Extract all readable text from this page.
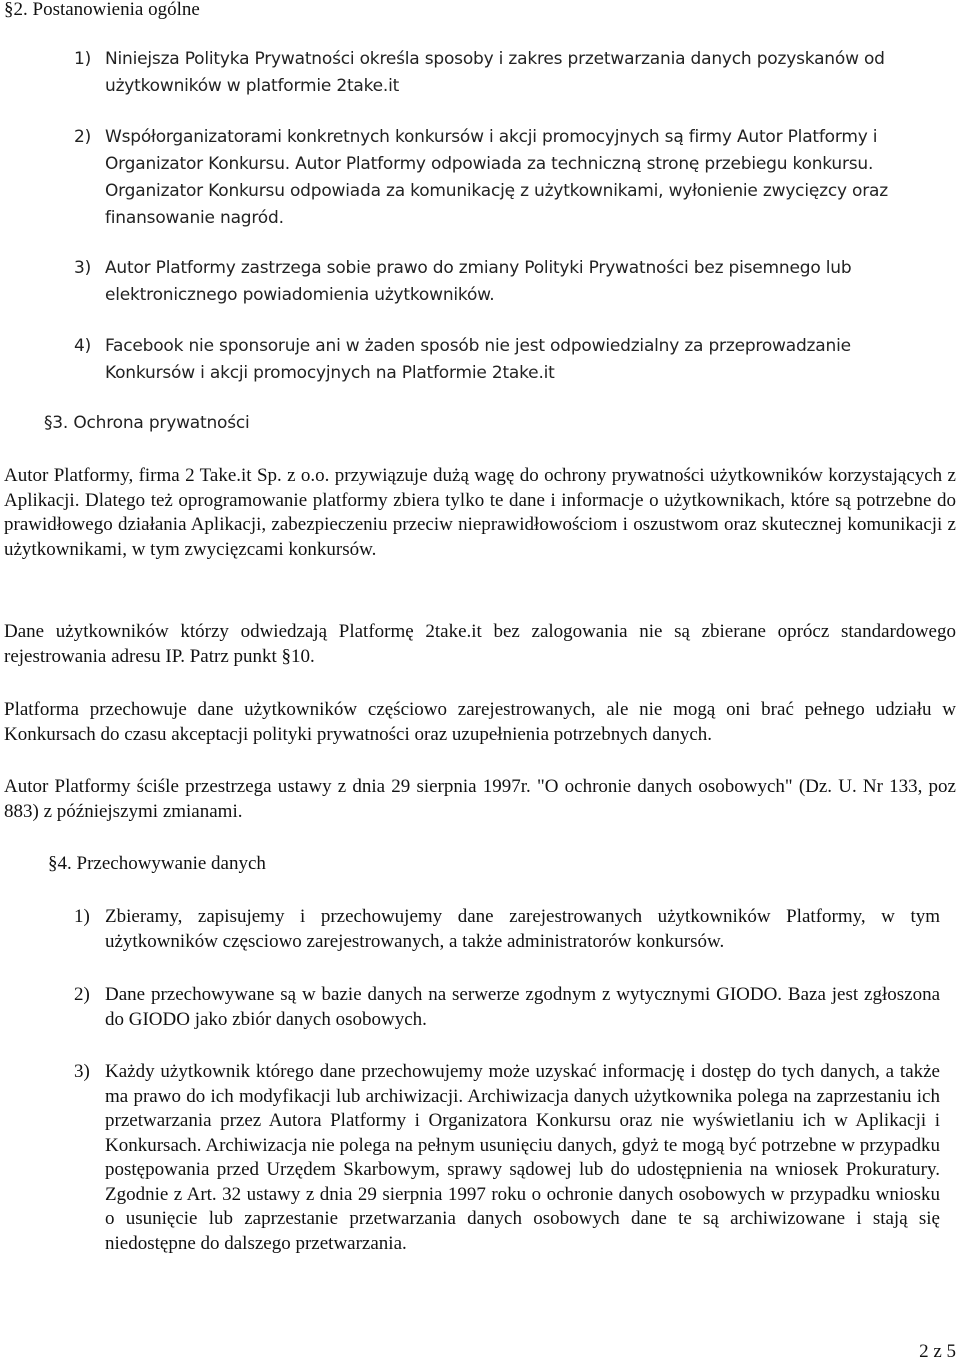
§2. Postanowienia ogólne
1) Niniejsza Polityka Prywatności określa sposoby i zakres przetwarzania danych pozyskanów od użytkowników w platformie 2take.it
2) Współorganizatorami konkretnych konkursów i akcji promocyjnych są firmy Autor Platformy i Organizator Konkursu. Autor Platformy odpowiada za techniczną stronę przebiegu konkursu. Organizator Konkursu odpowiada za komunikację z użytkownikami, wyłonienie zwycięzcy oraz finansowanie nagród.
3) Autor Platformy zastrzega sobie prawo do zmiany Polityki Prywatności bez pisemnego lub elektronicznego powiadomienia użytkowników.
4) Facebook nie sponsoruje ani w żaden sposób nie jest odpowiedzialny za przeprowadzanie Konkursów i akcji promocyjnych na Platformie 2take.it
§3. Ochrona prywatności

Autor Platformy, firma 2 Take.it Sp. z o.o. przywiązuje dużą wagę do ochrony prywatności użytkowników korzystających z Aplikacji. Dlatego też oprogramowanie platformy zbiera tylko te dane i informacje o użytkownikach, które są potrzebne do prawidłowego działania Aplikacji, zabezpieczeniu przeciw nieprawidłowościom i oszustwom oraz skutecznej komunikacji z użytkownikami, w tym zwycięzcami konkursów.

Dane użytkowników którzy odwiedzają Platformę 2take.it bez zalogowania nie są zbierane oprócz standardowego rejestrowania adresu IP. Patrz punkt §10.

Platforma przechowuje dane użytkowników częściowo zarejestrowanych, ale nie mogą oni brać pełnego udziału w Konkursach do czasu akceptacji polityki prywatności oraz uzupełnienia potrzebnych danych.

Autor Platformy ściśle przestrzega ustawy z dnia 29 sierpnia 1997r. "O ochronie danych osobowych" (Dz. U. Nr 133, poz 883) z późniejszymi zmianami.

§4. Przechowywanie danych
1) Zbieramy, zapisujemy i przechowujemy dane zarejestrowanych użytkowników Platformy, w tym użytkowników częsciowo zarejestrowanych, a także administratorów konkursów.
2) Dane przechowywane są w bazie danych na serwerze zgodnym z wytycznymi GIODO. Baza jest zgłoszona do GIODO jako zbiór danych osobowych.
3) Każdy użytkownik którego dane przechowujemy może uzyskać informację i dostęp do tych danych, a także ma prawo do ich modyfikacji lub archiwizacji. Archiwizacja danych użytkownika polega na zaprzestaniu ich przetwarzania przez Autora Platformy i Organizatora Konkursu oraz nie wyświetlaniu ich w Aplikacji i Konkursach. Archiwizacja nie polega na pełnym usunięciu danych, gdyż te mogą być potrzebne w przypadku postępowania przed Urzędem Skarbowym, sprawy sądowej lub do udostępnienia na wniosek Prokuratury. Zgodnie z Art. 32 ustawy z dnia 29 sierpnia 1997 roku o ochronie danych osobowych w przypadku wniosku o usunięcie lub zaprzestanie przetwarzania danych osobowych dane te są archiwizowane i stają się niedostępne do dalszego przetwarzania.
2 z 5
